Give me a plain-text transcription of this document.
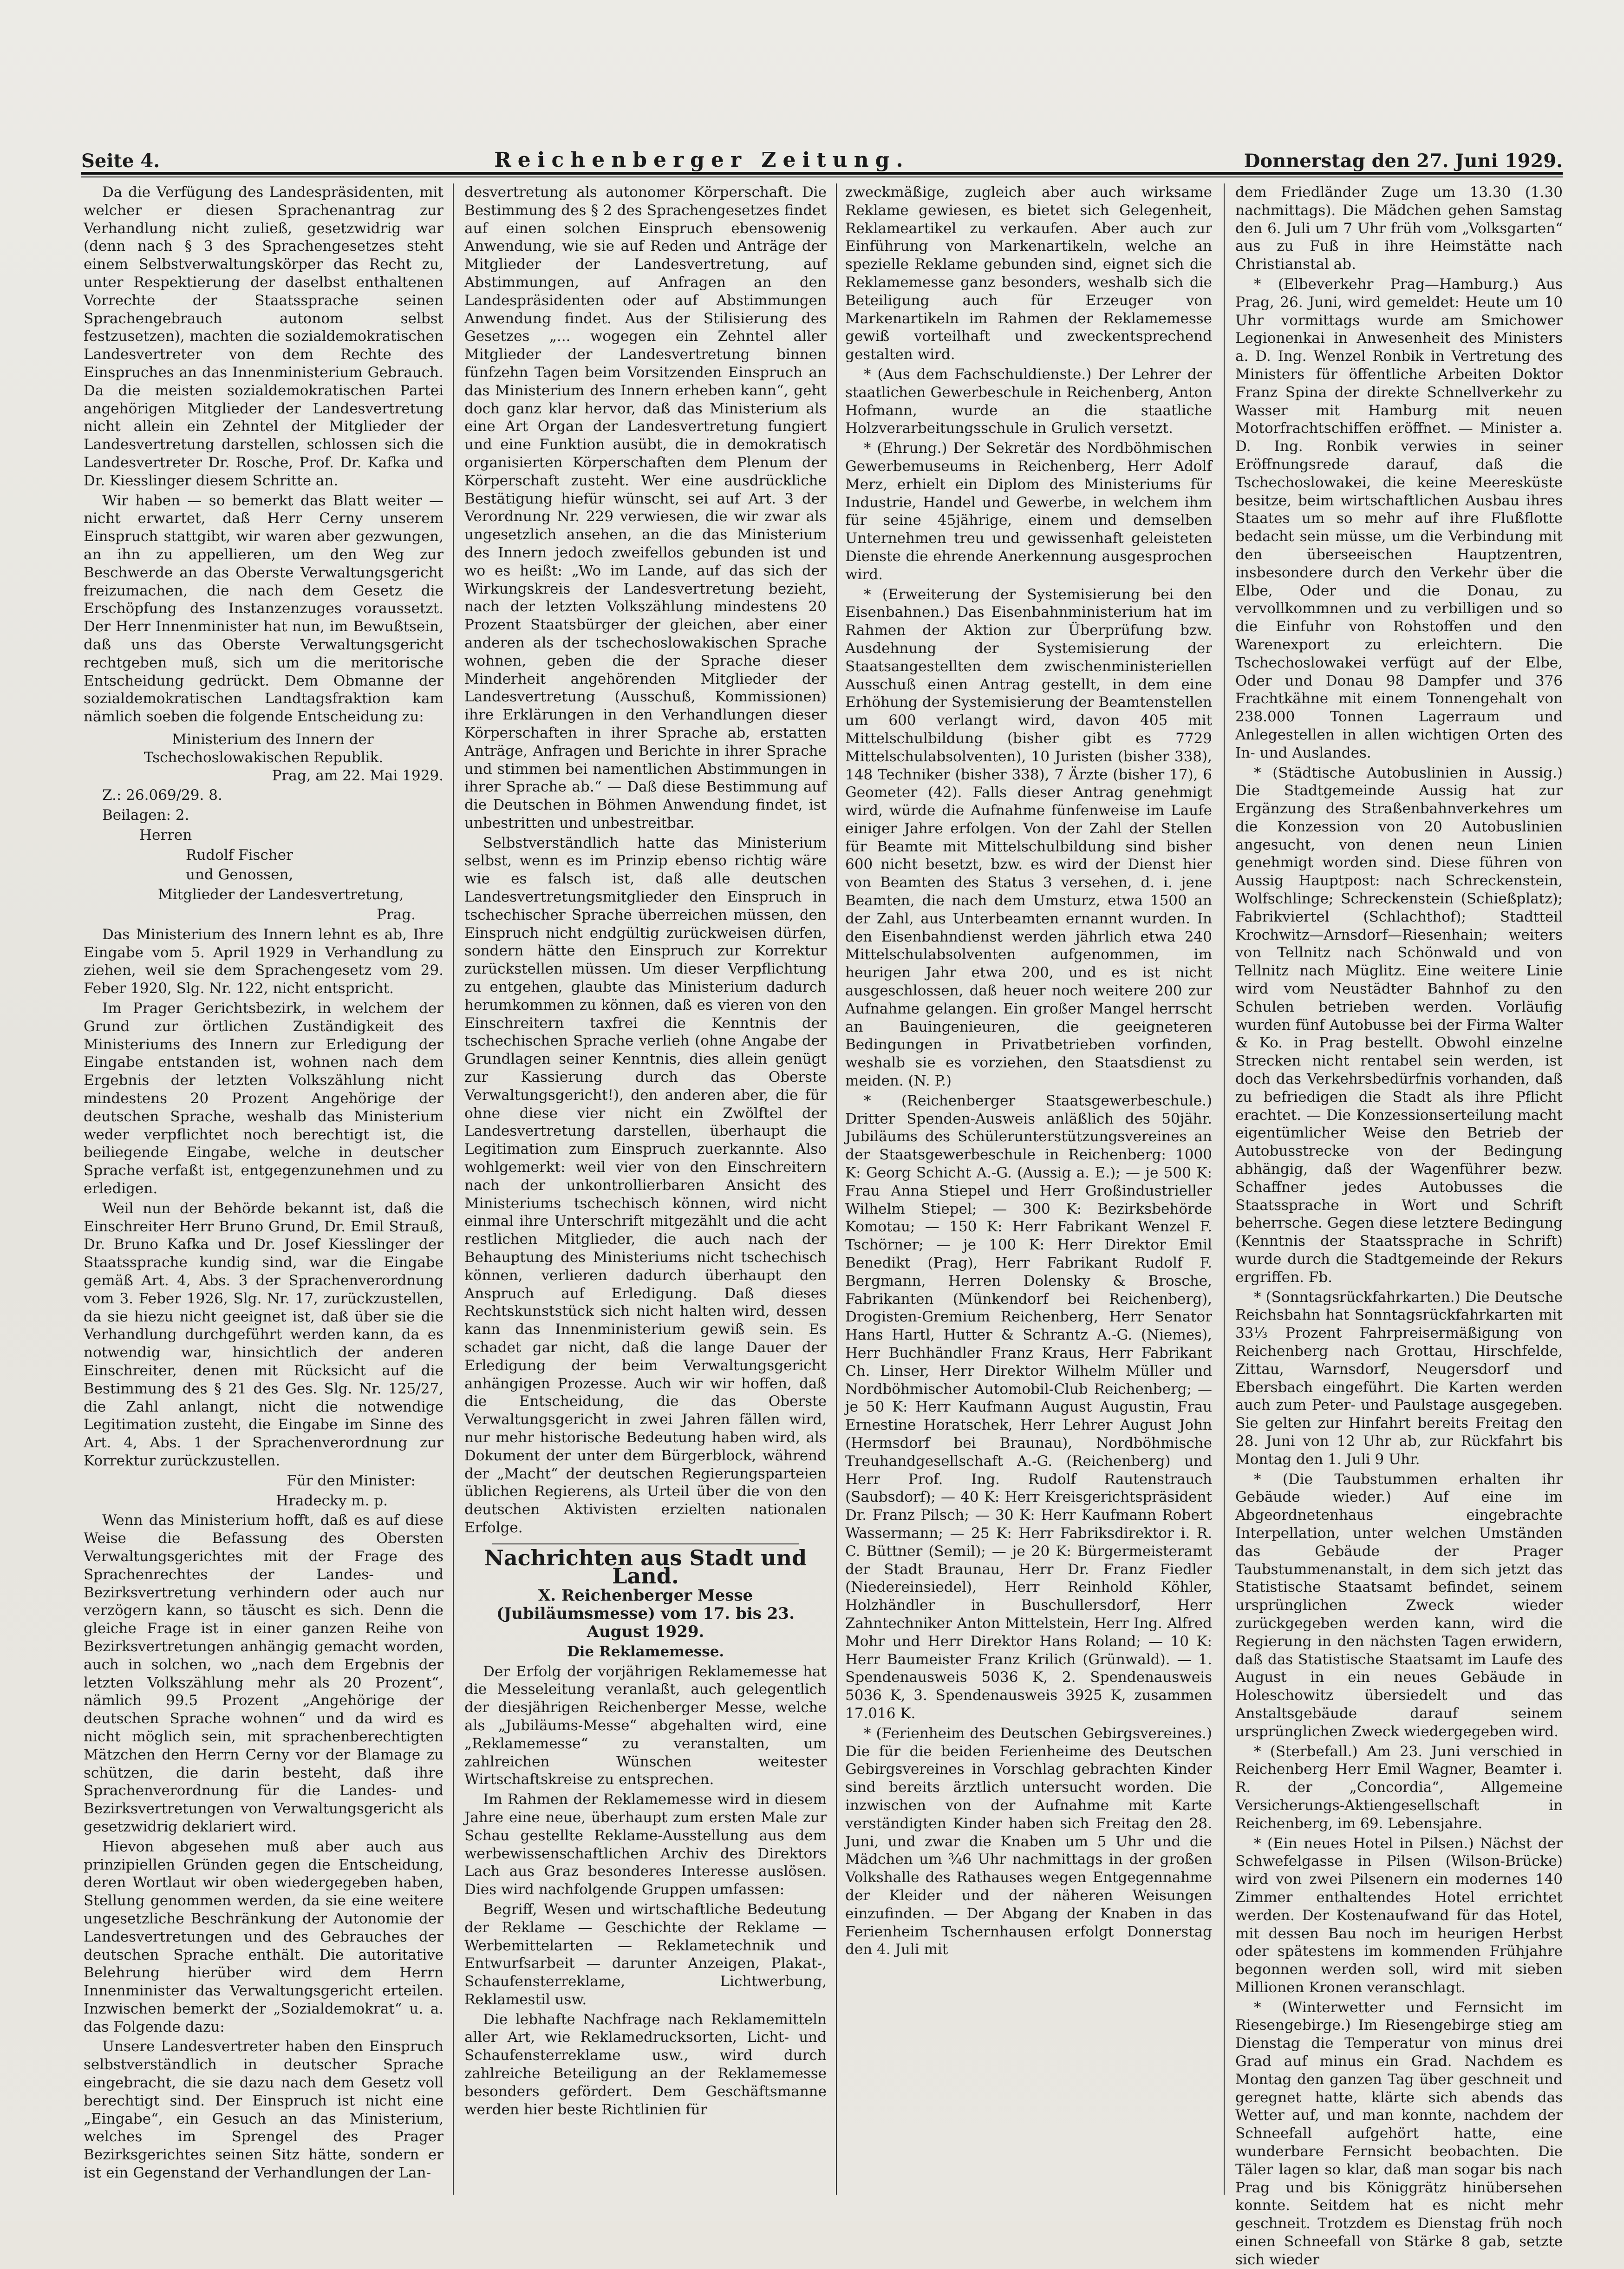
Seite 4.	Reichenberger Zeitung.	Donnerstag den 27. Juni 1929.

Da die Verfügung des Landespräsidenten, mit welcher er diesen Sprachenantrag zur Verhandlung nicht zuließ, gesetzwidrig war (denn nach § 3 des Sprachengesetzes steht einem Selbstverwaltungskörper das Recht zu, unter Respektierung der daselbst enthaltenen Vorrechte der Staatssprache seinen Sprachengebrauch autonom selbst festzusetzen), machten die sozialdemokratischen Landesvertreter von dem Rechte des Einspruches an das Innenministerium Gebrauch. Da die meisten sozialdemokratischen Partei angehörigen Mitglieder der Landesvertretung nicht allein ein Zehntel der Mitglieder der Landesvertretung darstellen, schlossen sich die Landesvertreter Dr. Rosche, Prof. Dr. Kafka und Dr. Kiesslinger diesem Schritte an.

Wir haben — so bemerkt das Blatt weiter — nicht erwartet, daß Herr Cerny unserem Einspruch stattgibt, wir waren aber gezwungen, an ihn zu appellieren, um den Weg zur Beschwerde an das Oberste Verwaltungsgericht freizumachen, die nach dem Gesetz die Erschöpfung des Instanzenzuges voraussetzt. Der Herr Innenminister hat nun, im Bewußtsein, daß uns das Oberste Verwaltungsgericht rechtgeben muß, sich um die meritorische Entscheidung gedrückt. Dem Obmanne der sozialdemokratischen Landtagsfraktion kam nämlich soeben die folgende Entscheidung zu:

Ministerium des Innern der Tschechoslowakischen Republik.

Prag, am 22. Mai 1929.

Z.: 26.069/29. 8.

Beilagen: 2.

Herren

Rudolf Fischer

und Genossen,

Mitglieder der Landesvertretung,

Prag.

Das Ministerium des Innern lehnt es ab, Ihre Eingabe vom 5. April 1929 in Verhandlung zu ziehen, weil sie dem Sprachengesetz vom 29. Feber 1920, Slg. Nr. 122, nicht entspricht.

Im Prager Gerichtsbezirk, in welchem der Grund zur örtlichen Zuständigkeit des Ministeriums des Innern zur Erledigung der Eingabe entstanden ist, wohnen nach dem Ergebnis der letzten Volkszählung nicht mindestens 20 Prozent Angehörige der deutschen Sprache, weshalb das Ministerium weder verpflichtet noch berechtigt ist, die beiliegende Eingabe, welche in deutscher Sprache verfaßt ist, entgegenzunehmen und zu erledigen.

Weil nun der Behörde bekannt ist, daß die Einschreiter Herr Bruno Grund, Dr. Emil Strauß, Dr. Bruno Kafka und Dr. Josef Kiesslinger der Staatssprache kundig sind, war die Eingabe gemäß Art. 4, Abs. 3 der Sprachenverordnung vom 3. Feber 1926, Slg. Nr. 17, zurückzustellen, da sie hiezu nicht geeignet ist, daß über sie die Verhandlung durchgeführt werden kann, da es notwendig war, hinsichtlich der anderen Einschreiter, denen mit Rücksicht auf die Bestimmung des § 21 des Ges. Slg. Nr. 125/27, die Zahl anlangt, nicht die notwendige Legitimation zusteht, die Eingabe im Sinne des Art. 4, Abs. 1 der Sprachenverordnung zur Korrektur zurückzustellen.

Für den Minister:

Hradecky m. p.

Wenn das Ministerium hofft, daß es auf diese Weise die Befassung des Obersten Verwaltungsgerichtes mit der Frage des Sprachenrechtes der Landes- und Bezirksvertretung verhindern oder auch nur verzögern kann, so täuscht es sich. Denn die gleiche Frage ist in einer ganzen Reihe von Bezirksvertretungen anhängig gemacht worden, auch in solchen, wo „nach dem Ergebnis der letzten Volkszählung mehr als 20 Prozent“, nämlich 99.5 Prozent „Angehörige der deutschen Sprache wohnen“ und da wird es nicht möglich sein, mit sprachenberechtigten Mätzchen den Herrn Cerny vor der Blamage zu schützen, die darin besteht, daß ihre Sprachenverordnung für die Landes- und Bezirksvertretungen von Verwaltungsgericht als gesetzwidrig deklariert wird.

Hievon abgesehen muß aber auch aus prinzipiellen Gründen gegen die Entscheidung, deren Wortlaut wir oben wiedergegeben haben, Stellung genommen werden, da sie eine weitere ungesetzliche Beschränkung der Autonomie der Landesvertretungen und des Gebrauches der deutschen Sprache enthält. Die autoritative Belehrung hierüber wird dem Herrn Innenminister das Verwaltungsgericht erteilen. Inzwischen bemerkt der „Sozialdemokrat“ u. a. das Folgende dazu:

Unsere Landesvertreter haben den Einspruch selbstverständlich in deutscher Sprache eingebracht, die sie dazu nach dem Gesetz voll berechtigt sind. Der Einspruch ist nicht eine „Eingabe“, ein Gesuch an das Ministerium, welches im Sprengel des Prager Bezirksgerichtes seinen Sitz hätte, sondern er ist ein Gegenstand der Verhandlungen der Lan-

desvertretung als autonomer Körperschaft. Die Bestimmung des § 2 des Sprachengesetzes findet auf einen solchen Einspruch ebensowenig Anwendung, wie sie auf Reden und Anträge der Mitglieder der Landesvertretung, auf Abstimmungen, auf Anfragen an den Landespräsidenten oder auf Abstimmungen Anwendung findet. Aus der Stilisierung des Gesetzes „... wogegen ein Zehntel aller Mitglieder der Landesvertretung binnen fünfzehn Tagen beim Vorsitzenden Einspruch an das Ministerium des Innern erheben kann“, geht doch ganz klar hervor, daß das Ministerium als eine Art Organ der Landesvertretung fungiert und eine Funktion ausübt, die in demokratisch organisierten Körperschaften dem Plenum der Körperschaft zusteht. Wer eine ausdrückliche Bestätigung hiefür wünscht, sei auf Art. 3 der Verordnung Nr. 229 verwiesen, die wir zwar als ungesetzlich ansehen, an die das Ministerium des Innern jedoch zweifellos gebunden ist und wo es heißt: „Wo im Lande, auf das sich der Wirkungskreis der Landesvertretung bezieht, nach der letzten Volkszählung mindestens 20 Prozent Staatsbürger der gleichen, aber einer anderen als der tschechoslowakischen Sprache wohnen, geben die der Sprache dieser Minderheit angehörenden Mitglieder der Landesvertretung (Ausschuß, Kommissionen) ihre Erklärungen in den Verhandlungen dieser Körperschaften in ihrer Sprache ab, erstatten Anträge, Anfragen und Berichte in ihrer Sprache und stimmen bei namentlichen Abstimmungen in ihrer Sprache ab.“ — Daß diese Bestimmung auf die Deutschen in Böhmen Anwendung findet, ist unbestritten und unbestreitbar.

Selbstverständlich hatte das Ministerium selbst, wenn es im Prinzip ebenso richtig wäre wie es falsch ist, daß alle deutschen Landesvertretungsmitglieder den Einspruch in tschechischer Sprache überreichen müssen, den Einspruch nicht endgültig zurückweisen dürfen, sondern hätte den Einspruch zur Korrektur zurückstellen müssen. Um dieser Verpflichtung zu entgehen, glaubte das Ministerium dadurch herumkommen zu können, daß es vieren von den Einschreitern taxfrei die Kenntnis der tschechischen Sprache verlieh (ohne Angabe der Grundlagen seiner Kenntnis, dies allein genügt zur Kassierung durch das Oberste Verwaltungsgericht!), den anderen aber, die für ohne diese vier nicht ein Zwölftel der Landesvertretung darstellen, überhaupt die Legitimation zum Einspruch zuerkannte. Also wohlgemerkt: weil vier von den Einschreitern nach der unkontrollierbaren Ansicht des Ministeriums tschechisch können, wird nicht einmal ihre Unterschrift mitgezählt und die acht restlichen Mitglieder, die auch nach der Behauptung des Ministeriums nicht tschechisch können, verlieren dadurch überhaupt den Anspruch auf Erledigung. Daß dieses Rechtskunststück sich nicht halten wird, dessen kann das Innenministerium gewiß sein. Es schadet gar nicht, daß die lange Dauer der Erledigung der beim Verwaltungsgericht anhängigen Prozesse. Auch wir wir hoffen, daß die Entscheidung, die das Oberste Verwaltungsgericht in zwei Jahren fällen wird, nur mehr historische Bedeutung haben wird, als Dokument der unter dem Bürgerblock, während der „Macht“ der deutschen Regierungsparteien üblichen Regierens, als Urteil über die von den deutschen Aktivisten erzielten nationalen Erfolge.

Nachrichten aus Stadt und Land.

X. Reichenberger Messe (Jubiläumsmesse) vom 17. bis 23. August 1929.

Die Reklamemesse.

Der Erfolg der vorjährigen Reklamemesse hat die Messeleitung veranlaßt, auch gelegentlich der diesjährigen Reichenberger Messe, welche als „Jubiläums-Messe“ abgehalten wird, eine „Reklamemesse“ zu veranstalten, um zahlreichen Wünschen weitester Wirtschaftskreise zu entsprechen.

Im Rahmen der Reklamemesse wird in diesem Jahre eine neue, überhaupt zum ersten Male zur Schau gestellte Reklame-Ausstellung aus dem werbewissenschaftlichen Archiv des Direktors Lach aus Graz besonderes Interesse auslösen. Dies wird nachfolgende Gruppen umfassen:

Begriff, Wesen und wirtschaftliche Bedeutung der Reklame — Geschichte der Reklame — Werbemittelarten — Reklametechnik und Entwurfsarbeit — darunter Anzeigen, Plakat-, Schaufensterreklame, Lichtwerbung, Reklamestil usw.

Die lebhafte Nachfrage nach Reklamemitteln aller Art, wie Reklamedrucksorten, Licht- und Schaufensterreklame usw., wird durch zahlreiche Beteiligung an der Reklamemesse besonders gefördert. Dem Geschäftsmanne werden hier beste Richtlinien für

zweckmäßige, zugleich aber auch wirksame Reklame gewiesen, es bietet sich Gelegenheit, Reklameartikel zu verkaufen. Aber auch zur Einführung von Markenartikeln, welche an spezielle Reklame gebunden sind, eignet sich die Reklamemesse ganz besonders, weshalb sich die Beteiligung auch für Erzeuger von Markenartikeln im Rahmen der Reklamemesse gewiß vorteilhaft und zweckentsprechend gestalten wird.

* (Aus dem Fachschuldienste.) Der Lehrer der staatlichen Gewerbeschule in Reichenberg, Anton Hofmann, wurde an die staatliche Holzverarbeitungsschule in Grulich versetzt.

* (Ehrung.) Der Sekretär des Nordböhmischen Gewerbemuseums in Reichenberg, Herr Adolf Merz, erhielt ein Diplom des Ministeriums für Industrie, Handel und Gewerbe, in welchem ihm für seine 45jährige, einem und demselben Unternehmen treu und gewissenhaft geleisteten Dienste die ehrende Anerkennung ausgesprochen wird.

* (Erweiterung der Systemisierung bei den Eisenbahnen.) Das Eisenbahnministerium hat im Rahmen der Aktion zur Überprüfung bzw. Ausdehnung der Systemisierung der Staatsangestellten dem zwischenministeriellen Ausschuß einen Antrag gestellt, in dem eine Erhöhung der Systemisierung der Beamtenstellen um 600 verlangt wird, davon 405 mit Mittelschulbildung (bisher gibt es 7729 Mittelschulabsolventen), 10 Juristen (bisher 338), 148 Techniker (bisher 338), 7 Ärzte (bisher 17), 6 Geometer (42). Falls dieser Antrag genehmigt wird, würde die Aufnahme fünfenweise im Laufe einiger Jahre erfolgen. Von der Zahl der Stellen für Beamte mit Mittelschulbildung sind bisher 600 nicht besetzt, bzw. es wird der Dienst hier von Beamten des Status 3 versehen, d. i. jene Beamten, die nach dem Umsturz, etwa 1500 an der Zahl, aus Unterbeamten ernannt wurden. In den Eisenbahndienst werden jährlich etwa 240 Mittelschulabsolventen aufgenommen, im heurigen Jahr etwa 200, und es ist nicht ausgeschlossen, daß heuer noch weitere 200 zur Aufnahme gelangen. Ein großer Mangel herrscht an Bauingenieuren, die geeigneteren Bedingungen in Privatbetrieben vorfinden, weshalb sie es vorziehen, den Staatsdienst zu meiden. (N. P.)

* (Reichenberger Staatsgewerbeschule.) Dritter Spenden-Ausweis anläßlich des 50jähr. Jubiläums des Schülerunterstützungsvereines an der Staatsgewerbeschule in Reichenberg: 1000 K: Georg Schicht A.-G. (Aussig a. E.); — je 500 K: Frau Anna Stiepel und Herr Großindustrieller Wilhelm Stiepel; — 300 K: Bezirksbehörde Komotau; — 150 K: Herr Fabrikant Wenzel F. Tschörner; — je 100 K: Herr Direktor Emil Benedikt (Prag), Herr Fabrikant Rudolf F. Bergmann, Herren Dolensky & Brosche, Fabrikanten (Münkendorf bei Reichenberg), Drogisten-Gremium Reichenberg, Herr Senator Hans Hartl, Hutter & Schrantz A.-G. (Niemes), Herr Buchhändler Franz Kraus, Herr Fabrikant Ch. Linser, Herr Direktor Wilhelm Müller und Nordböhmischer Automobil-Club Reichenberg; — je 50 K: Herr Kaufmann August Augustin, Frau Ernestine Horatschek, Herr Lehrer August John (Hermsdorf bei Braunau), Nordböhmische Treuhandgesellschaft A.-G. (Reichenberg) und Herr Prof. Ing. Rudolf Rautenstrauch (Saubsdorf); — 40 K: Herr Kreisgerichtspräsident Dr. Franz Pilsch; — 30 K: Herr Kaufmann Robert Wassermann; — 25 K: Herr Fabriksdirektor i. R. C. Büttner (Semil); — je 20 K: Bürgermeisteramt der Stadt Braunau, Herr Dr. Franz Fiedler (Niedereinsiedel), Herr Reinhold Köhler, Holzhändler in Buschullersdorf, Herr Zahntechniker Anton Mittelstein, Herr Ing. Alfred Mohr und Herr Direktor Hans Roland; — 10 K: Herr Baumeister Franz Krilich (Grünwald). — 1. Spendenausweis 5036 K, 2. Spendenausweis 5036 K, 3. Spendenausweis 3925 K, zusammen 17.016 K.

* (Ferienheim des Deutschen Gebirgsvereines.) Die für die beiden Ferienheime des Deutschen Gebirgsvereines in Vorschlag gebrachten Kinder sind bereits ärztlich untersucht worden. Die inzwischen von der Aufnahme mit Karte verständigten Kinder haben sich Freitag den 28. Juni, und zwar die Knaben um 5 Uhr und die Mädchen um ¾6 Uhr nachmittags in der großen Volkshalle des Rathauses wegen Entgegennahme der Kleider und der näheren Weisungen einzufinden. — Der Abgang der Knaben in das Ferienheim Tschernhausen erfolgt Donnerstag den 4. Juli mit

dem Friedländer Zuge um 13.30 (1.30 nachmittags). Die Mädchen gehen Samstag den 6. Juli um 7 Uhr früh vom „Volksgarten“ aus zu Fuß in ihre Heimstätte nach Christianstal ab.

* (Elbeverkehr Prag—Hamburg.) Aus Prag, 26. Juni, wird gemeldet: Heute um 10 Uhr vormittags wurde am Smichower Legionenkai in Anwesenheit des Ministers a. D. Ing. Wenzel Ronbik in Vertretung des Ministers für öffentliche Arbeiten Doktor Franz Spina der direkte Schnellverkehr zu Wasser mit Hamburg mit neuen Motorfrachtschiffen eröffnet. — Minister a. D. Ing. Ronbik verwies in seiner Eröffnungsrede darauf, daß die Tschechoslowakei, die keine Meeresküste besitze, beim wirtschaftlichen Ausbau ihres Staates um so mehr auf ihre Flußflotte bedacht sein müsse, um die Verbindung mit den überseeischen Hauptzentren, insbesondere durch den Verkehr über die Elbe, Oder und die Donau, zu vervollkommnen und zu verbilligen und so die Einfuhr von Rohstoffen und den Warenexport zu erleichtern. Die Tschechoslowakei verfügt auf der Elbe, Oder und Donau 98 Dampfer und 376 Frachtkähne mit einem Tonnengehalt von 238.000 Tonnen Lagerraum und Anlegestellen in allen wichtigen Orten des In- und Auslandes.

* (Städtische Autobuslinien in Aussig.) Die Stadtgemeinde Aussig hat zur Ergänzung des Straßenbahnverkehres um die Konzession von 20 Autobuslinien angesucht, von denen neun Linien genehmigt worden sind. Diese führen von Aussig Hauptpost: nach Schreckenstein, Wolfschlinge; Schreckenstein (Schießplatz); Fabrikviertel (Schlachthof); Stadtteil Krochwitz—Arnsdorf—Riesenhain; weiters von Tellnitz nach Schönwald und von Tellnitz nach Müglitz. Eine weitere Linie wird vom Neustädter Bahnhof zu den Schulen betrieben werden. Vorläufig wurden fünf Autobusse bei der Firma Walter & Ko. in Prag bestellt. Obwohl einzelne Strecken nicht rentabel sein werden, ist doch das Verkehrsbedürfnis vorhanden, daß zu befriedigen die Stadt als ihre Pflicht erachtet. — Die Konzessionserteilung macht eigentümlicher Weise den Betrieb der Autobusstrecke von der Bedingung abhängig, daß der Wagenführer bezw. Schaffner jedes Autobusses die Staatssprache in Wort und Schrift beherrsche. Gegen diese letztere Bedingung (Kenntnis der Staatssprache in Schrift) wurde durch die Stadtgemeinde der Rekurs ergriffen. Fb.

* (Sonntagsrückfahrkarten.) Die Deutsche Reichsbahn hat Sonntagsrückfahrkarten mit 33⅓ Prozent Fahrpreisermäßigung von Reichenberg nach Grottau, Hirschfelde, Zittau, Warnsdorf, Neugersdorf und Ebersbach eingeführt. Die Karten werden auch zum Peter- und Paulstage ausgegeben. Sie gelten zur Hinfahrt bereits Freitag den 28. Juni von 12 Uhr ab, zur Rückfahrt bis Montag den 1. Juli 9 Uhr.

* (Die Taubstummen erhalten ihr Gebäude wieder.) Auf eine im Abgeordnetenhaus eingebrachte Interpellation, unter welchen Umständen das Gebäude der Prager Taubstummenanstalt, in dem sich jetzt das Statistische Staatsamt befindet, seinem ursprünglichen Zweck wieder zurückgegeben werden kann, wird die Regierung in den nächsten Tagen erwidern, daß das Statistische Staatsamt im Laufe des August in ein neues Gebäude in Holeschowitz übersiedelt und das Anstaltsgebäude darauf seinem ursprünglichen Zweck wiedergegeben wird.

* (Sterbefall.) Am 23. Juni verschied in Reichenberg Herr Emil Wagner, Beamter i. R. der „Concordia“, Allgemeine Versicherungs-Aktiengesellschaft in Reichenberg, im 69. Lebensjahre.

* (Ein neues Hotel in Pilsen.) Nächst der Schwefelgasse in Pilsen (Wilson-Brücke) wird von zwei Pilsenern ein modernes 140 Zimmer enthaltendes Hotel errichtet werden. Der Kostenaufwand für das Hotel, mit dessen Bau noch im heurigen Herbst oder spätestens im kommenden Frühjahre begonnen werden soll, wird mit sieben Millionen Kronen veranschlagt.

* (Winterwetter und Fernsicht im Riesengebirge.) Im Riesengebirge stieg am Dienstag die Temperatur von minus drei Grad auf minus ein Grad. Nachdem es Montag den ganzen Tag über geschneit und geregnet hatte, klärte sich abends das Wetter auf, und man konnte, nachdem der Schneefall aufgehört hatte, eine wunderbare Fernsicht beobachten. Die Täler lagen so klar, daß man sogar bis nach Prag und bis Königgrätz hinübersehen konnte. Seitdem hat es nicht mehr geschneit. Trotzdem es Dienstag früh noch einen Schneefall von Stärke 8 gab, setzte sich wieder
